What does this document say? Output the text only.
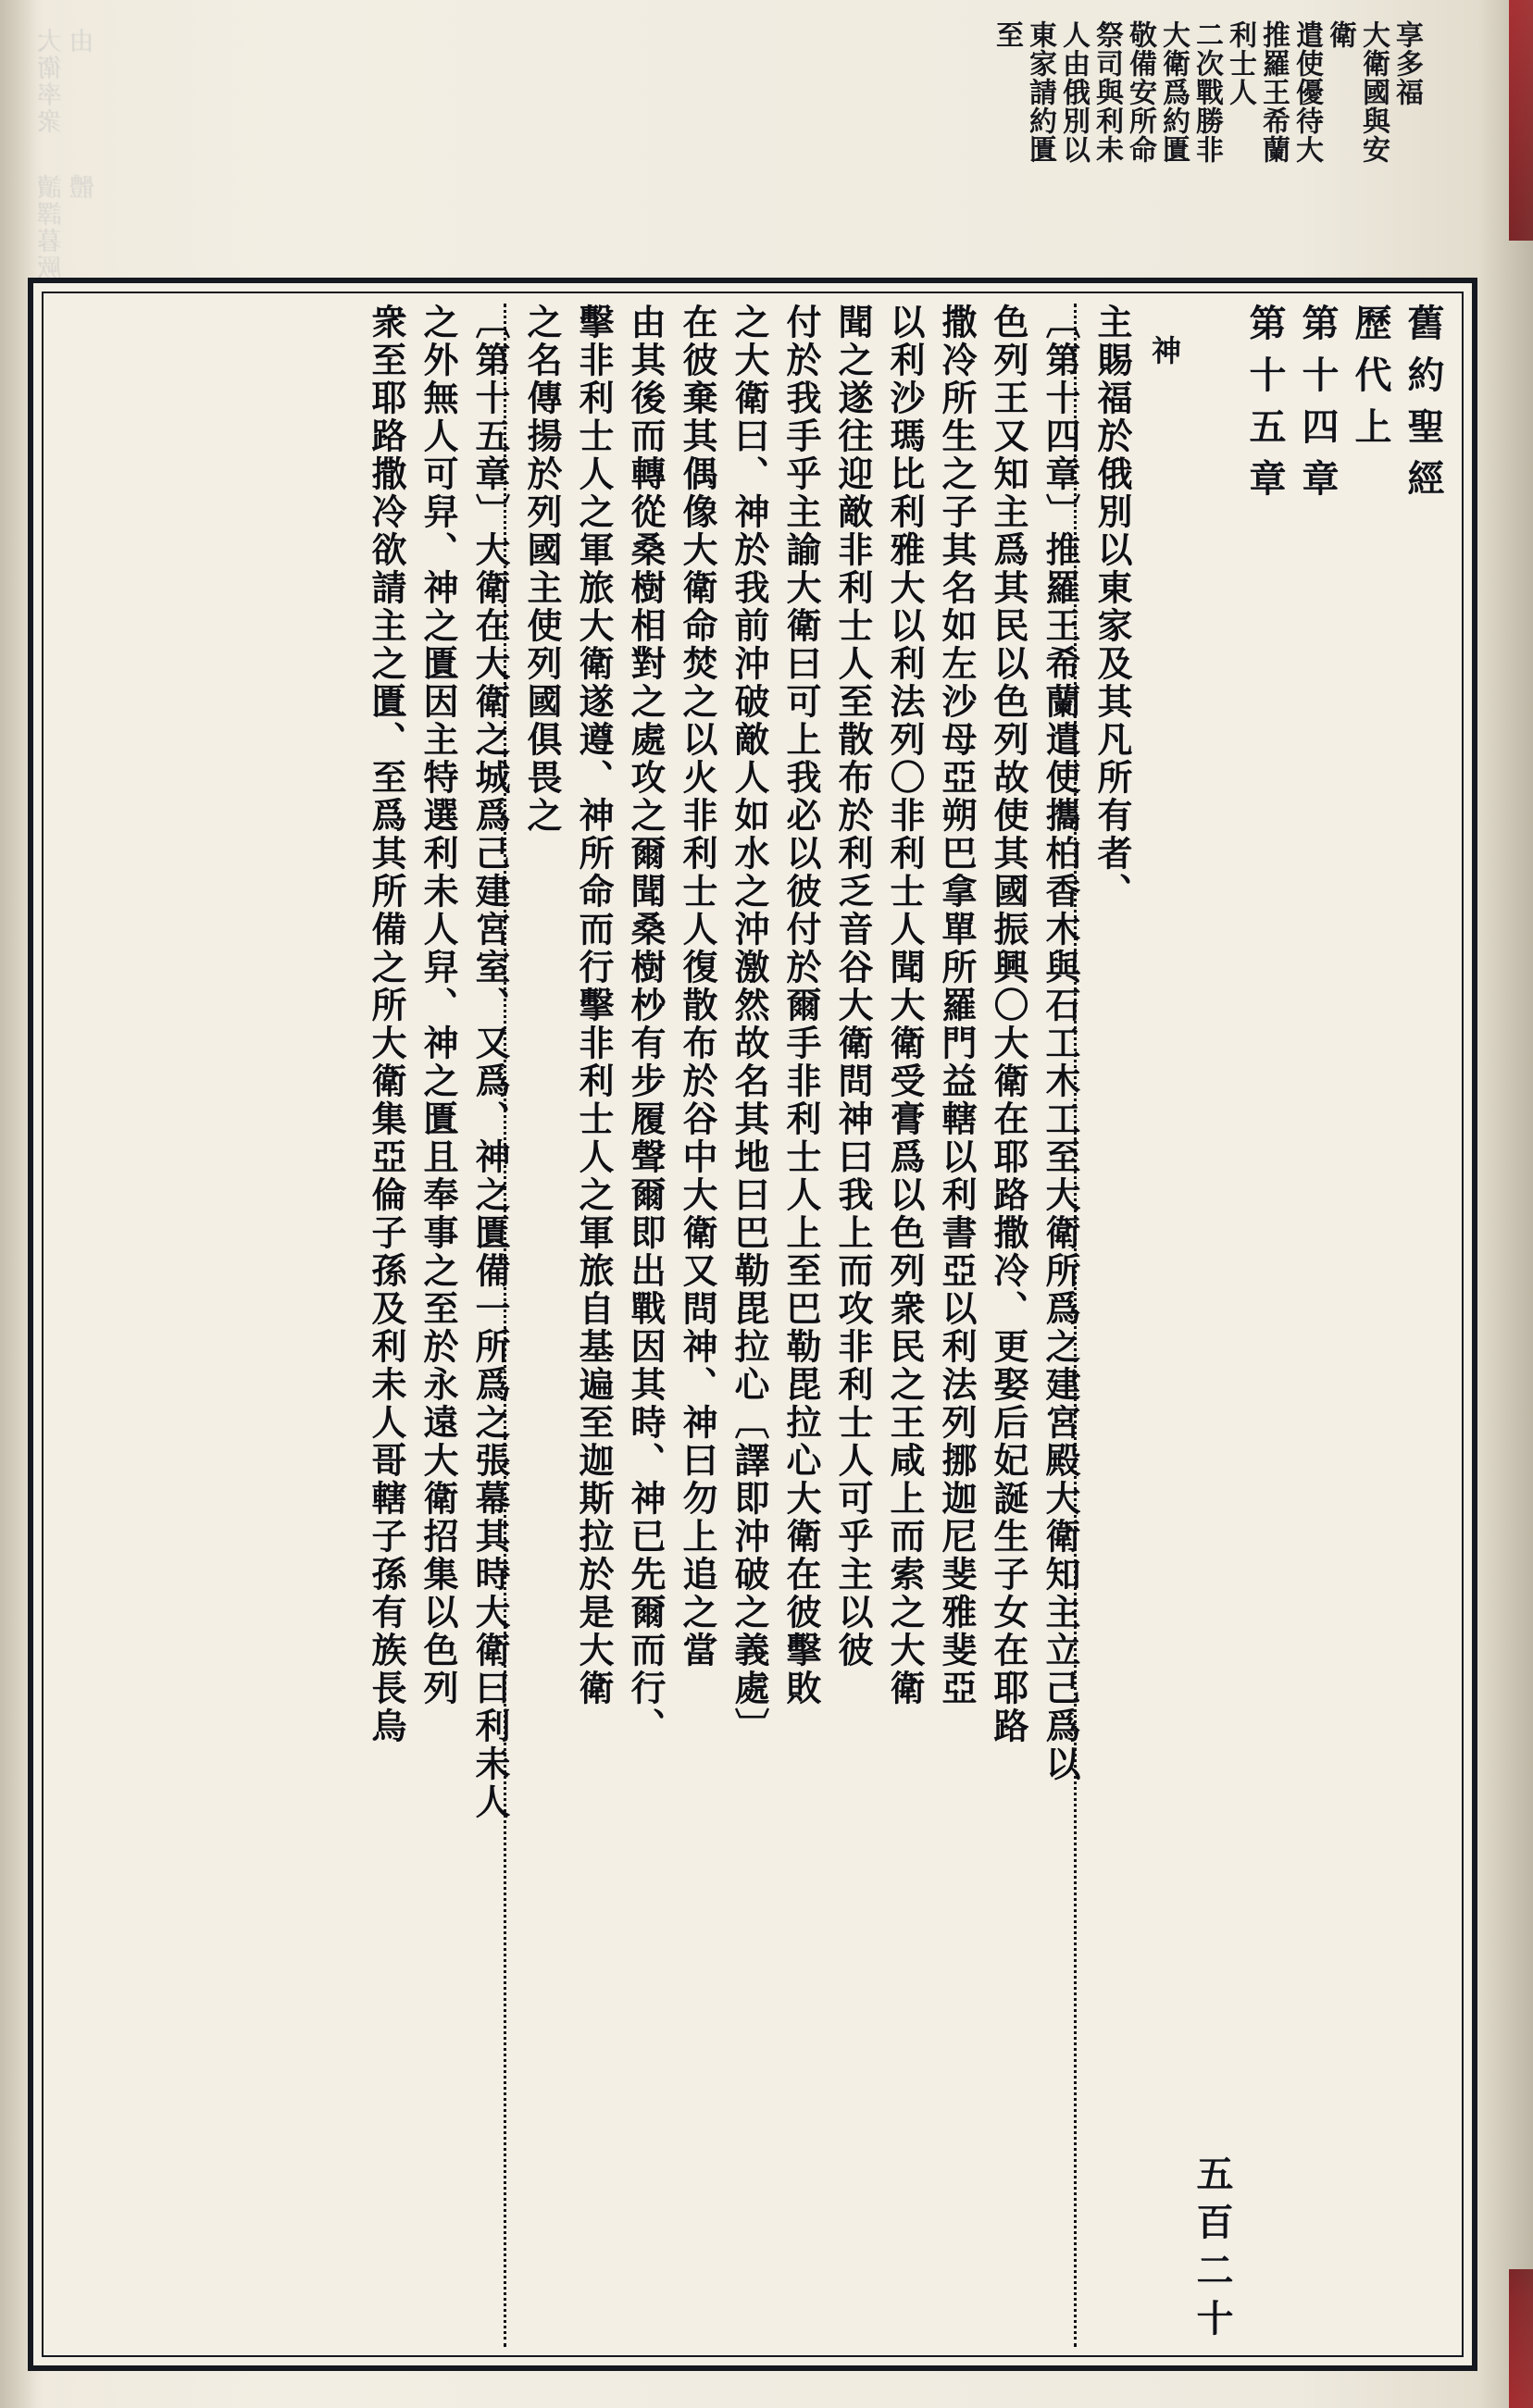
享多福
大衛國與安
衛
遣使優待大
推羅王希蘭
利士人
二次戰勝非
大衛爲約匱
敬備安所命
祭司與利未
人由俄別以
東家請約匱
至
舊約聖經
歷代上
第十四章
第十五章
五百二十
神
主賜福於俄別以東家及其凡所有者、
〔第十四章〕推羅王希蘭遣使攜柏香木與石工木工至大衛所爲之建宮殿大衛知主立己爲以
色列王又知主爲其民以色列故使其國振興〇大衛在耶路撒冷、更娶后妃誕生子女在耶路
撒冷所生之子其名如左沙母亞朔巴拿單所羅門益轄以利書亞以利法列挪迦尼斐雅斐亞
以利沙瑪比利雅大以利法列〇非利士人聞大衛受膏爲以色列衆民之王咸上而索之大衛
聞之遂往迎敵非利士人至散布於利乏音谷大衛問神曰我上而攻非利士人可乎主以彼
付於我手乎主諭大衛曰可上我必以彼付於爾手非利士人上至巴勒毘拉心大衛在彼擊敗
之大衛曰、神於我前沖破敵人如水之沖激然故名其地曰巴勒毘拉心〔譯即沖破之義處〕
在彼棄其偶像大衛命焚之以火非利士人復散布於谷中大衛又問神、神曰勿上追之當
由其後而轉從桑樹相對之處攻之爾聞桑樹杪有步履聲爾即出戰因其時、神已先爾而行、
擊非利士人之軍旅大衛遂遵、神所命而行擊非利士人之軍旅自基遍至迦斯拉於是大衛
之名傳揚於列國主使列國俱畏之
〔第十五章〕大衛在大衛之城爲己建宮室、又爲、神之匱備一所爲之張幕其時大衛曰利未人
之外無人可舁、神之匱因主特選利未人舁、神之匱且奉事之至於永遠大衛招集以色列
衆至耶路撒冷欲請主之匱、至爲其所備之所大衛集亞倫子孫及利未人哥轄子孫有族長烏
